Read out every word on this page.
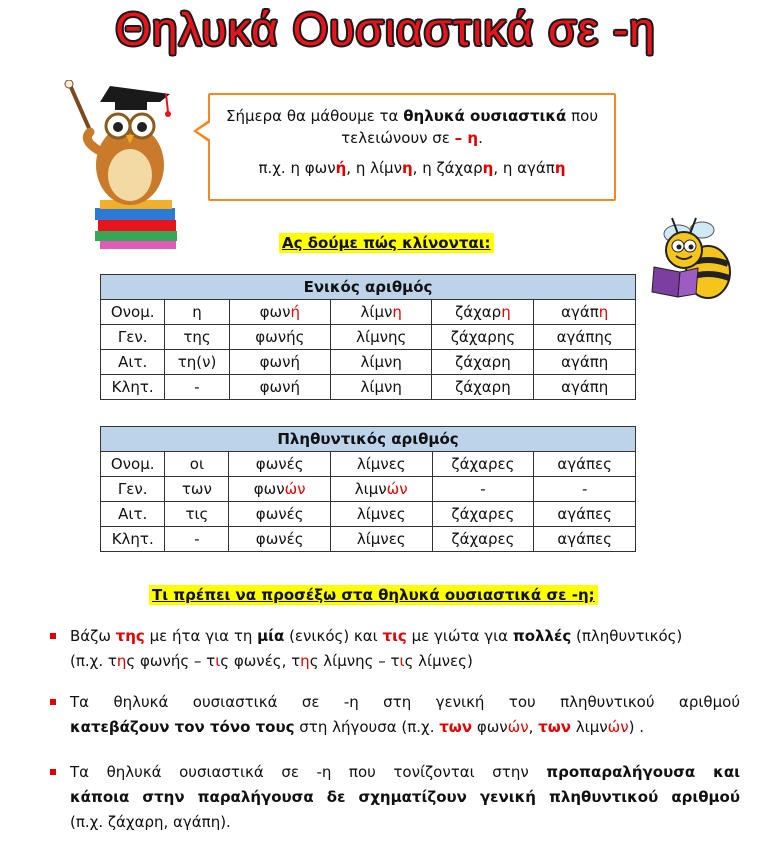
Θηλυκά Ουσιαστικά σε -η

Σήμερα θα μάθουμε τα θηλυκά ουσιαστικά που

τελειώνουν σε – η.

π.χ. η φωνή, η λίμνη, η ζάχαρη, η αγάπη

Ας δούμε πώς κλίνονται:
Ενικός αριθμός					
Ονομ.	η	φωνή	λίμνη	ζάχαρη	αγάπη
Γεν.	της	φωνής	λίμνης	ζάχαρης	αγάπης
Αιτ.	τη(ν)	φωνή	λίμνη	ζάχαρη	αγάπη
Κλητ.	-	φωνή	λίμνη	ζάχαρη	αγάπη
Πληθυντικός αριθμός					
Ονομ.	οι	φωνές	λίμνες	ζάχαρες	αγάπες
Γεν.	των	φωνών	λιμνών	-	-
Αιτ.	τις	φωνές	λίμνες	ζάχαρες	αγάπες
Κλητ.	-	φωνές	λίμνες	ζάχαρες	αγάπες
Τι πρέπει να προσέξω στα θηλυκά ουσιαστικά σε -η;
Βάζω της με ήτα για τη μία (ενικός) και τις με γιώτα για πολλές (πληθυντικός)
(π.χ. της φωνής – τις φωνές, της λίμνης – τις λίμνες)
Τα θηλυκά ουσιαστικά σε -η στη γενική του πληθυντικού αριθμού
κατεβάζουν τον τόνο τους στη λήγουσα (π.χ. των φωνών, των λιμνών) .
Τα θηλυκά ουσιαστικά σε -η που τονίζονται στην προπαραλήγουσα και
κάποια στην παραλήγουσα δε σχηματίζουν γενική πληθυντικού αριθμού
(π.χ. ζάχαρη, αγάπη).
